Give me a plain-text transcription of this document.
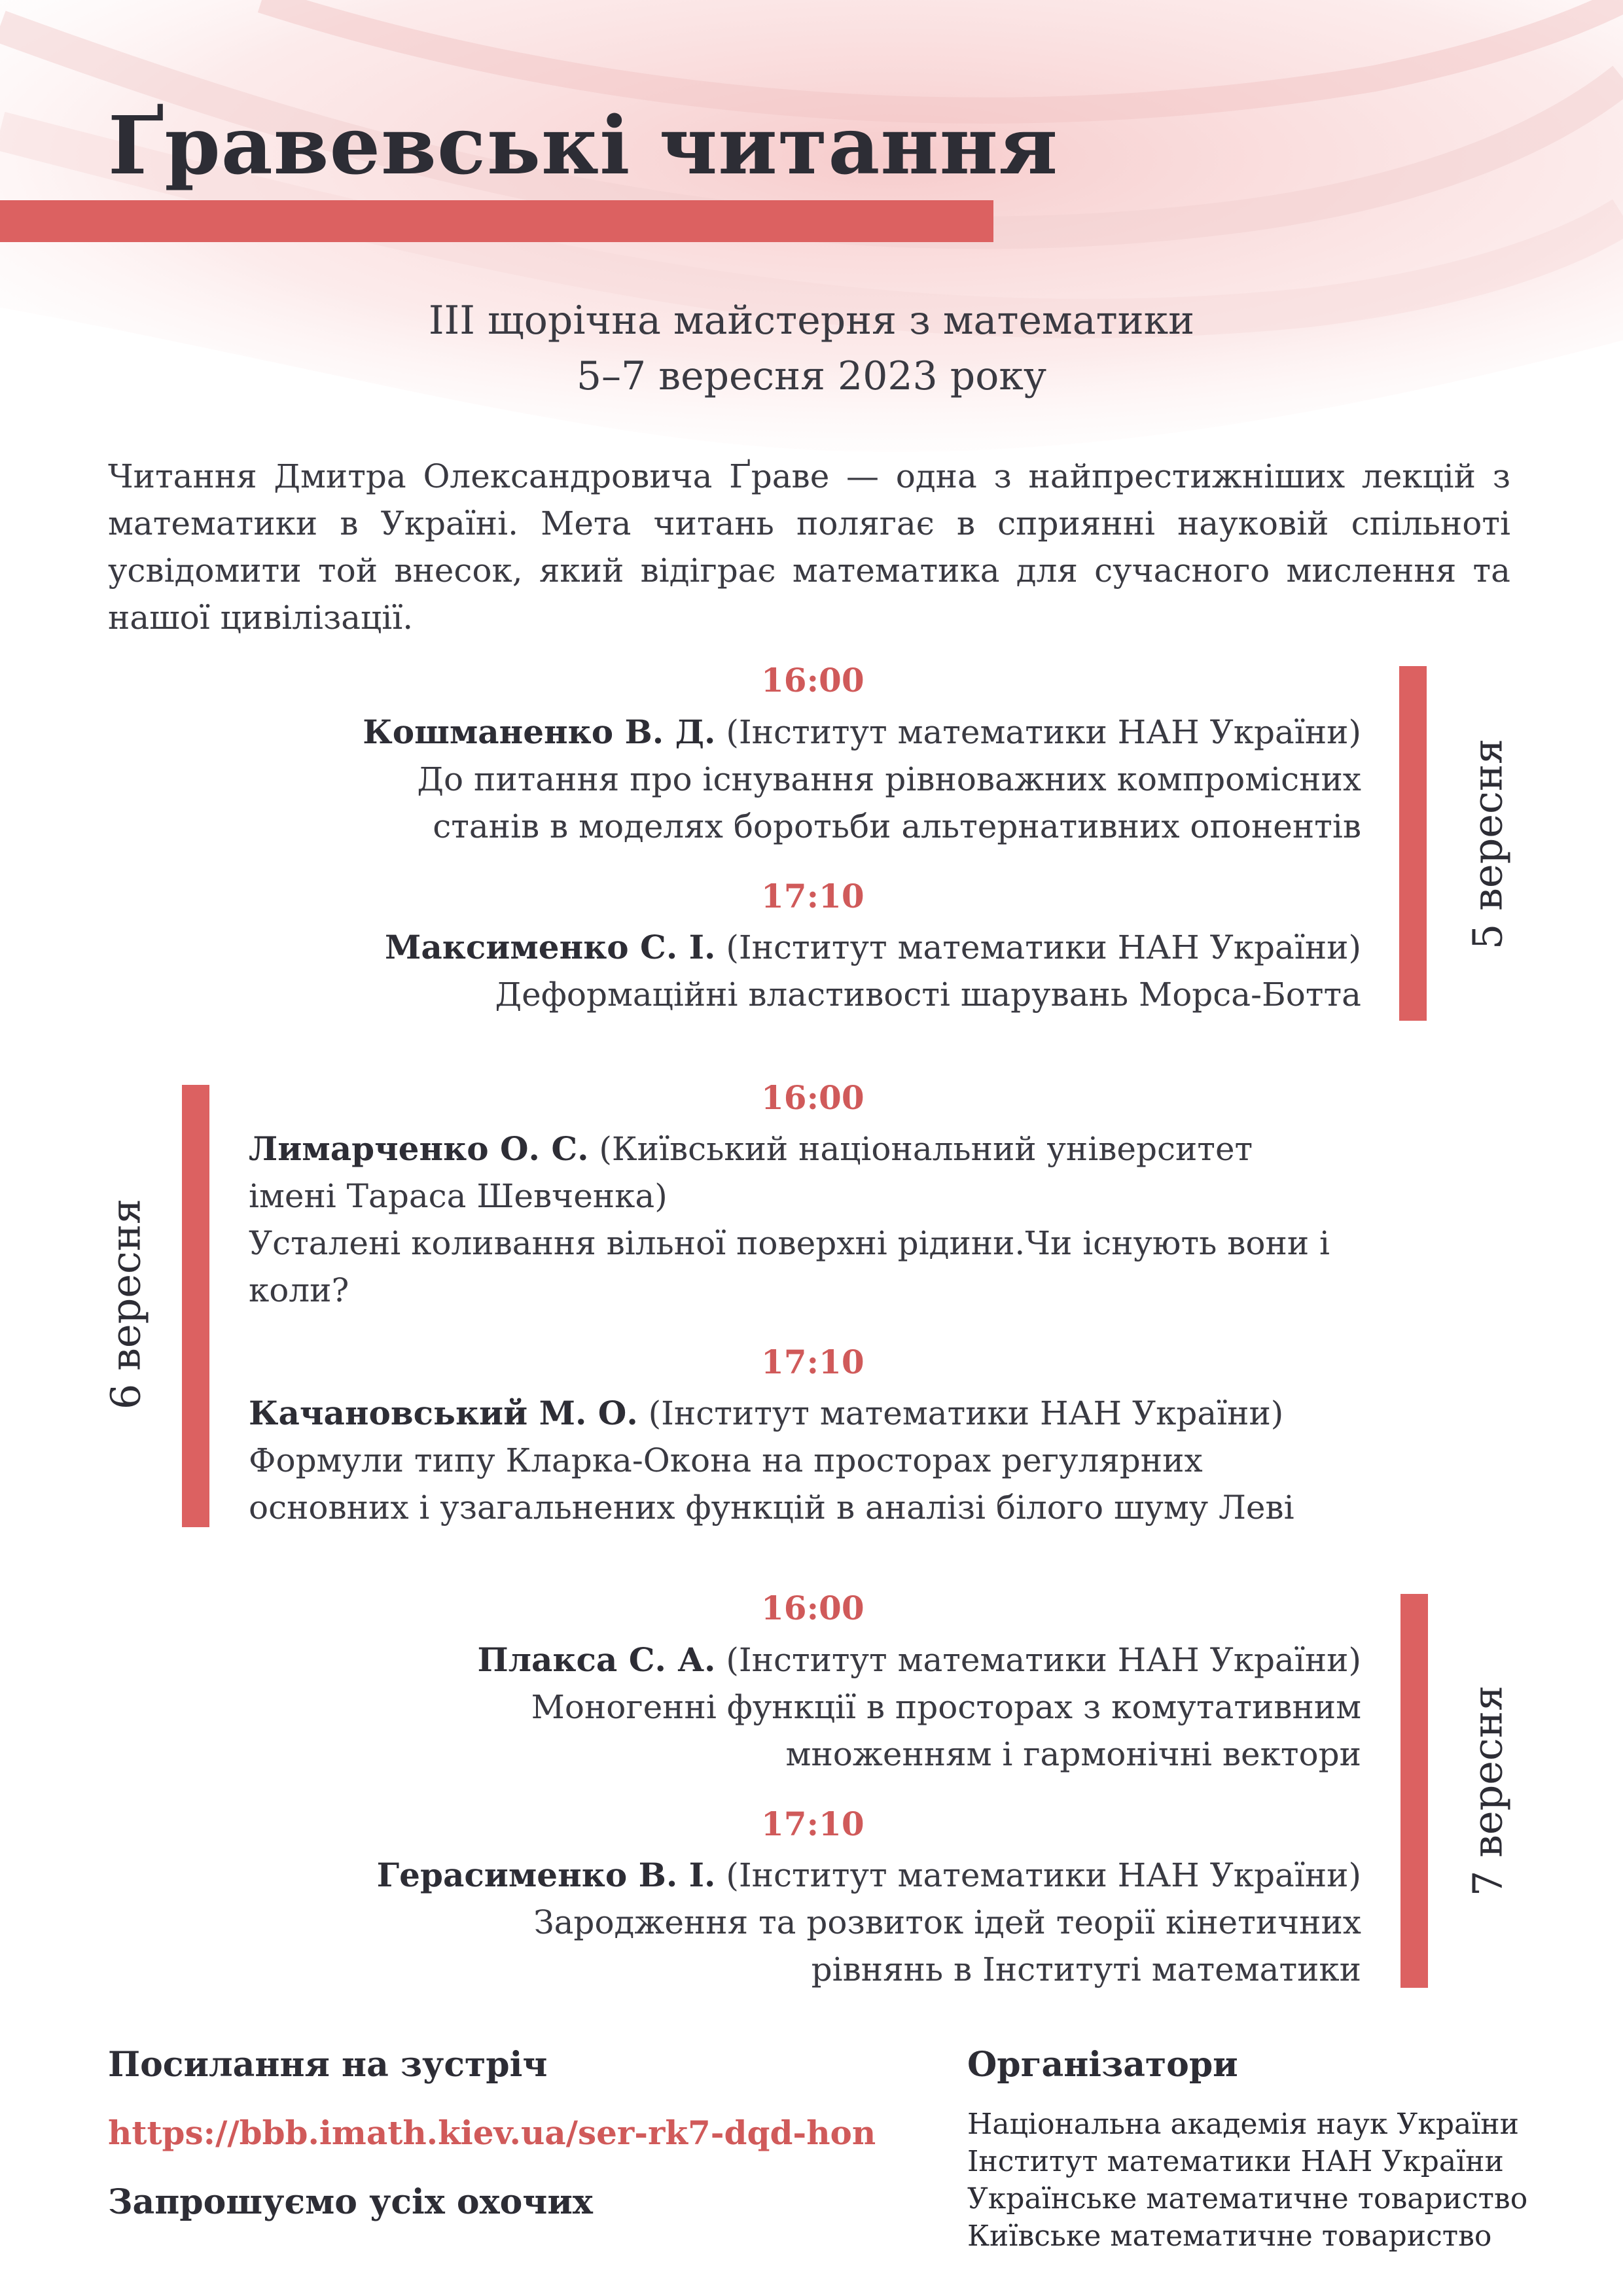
Ґравевські читання
ІІІ щорічна майстерня з математики
5–7 вересня 2023 року
Читання Дмитра Олександровича Ґраве — одна з найпрестижніших лекцій з математики в Україні. Мета читань полягає в сприянні науковій спільноті усвідомити той внесок, який відіграє математика для сучасного мислення та нашої цивілізації.
5 вересня
16:00
Кошманенко В. Д. (Інститут математики НАН України)
До питання про існування рівноважних компромісних
станів в моделях боротьби альтернативних опонентів
17:10
Максименко С. І. (Інститут математики НАН України)
Деформаційні властивості шарувань Морса-Ботта
6 вересня
16:00
Лимарченко О. С. (Київський національний університет
імені Тараса Шевченка)
Усталені коливання вільної поверхні рідини.Чи існують вони і
коли?
17:10
Качановський М. О. (Інститут математики НАН України)
Формули типу Кларка-Окона на просторах регулярних
основних і узагальнених функцій в аналізі білого шуму Леві
7 вересня
16:00
Плакса С. А. (Інститут математики НАН України)
Моногенні функції в просторах з комутативним
множенням і гармонічні вектори
17:10
Герасименко В. І. (Інститут математики НАН України)
Зародження та розвиток ідей теорії кінетичних
рівнянь в Інституті математики
Посилання на зустріч
https://bbb.imath.kiev.ua/ser-rk7-dqd-hon
Запрошуємо усіх охочих
Організатори
Національна академія наук України
Інститут математики НАН України
Українське математичне товариство
Київське математичне товариство
